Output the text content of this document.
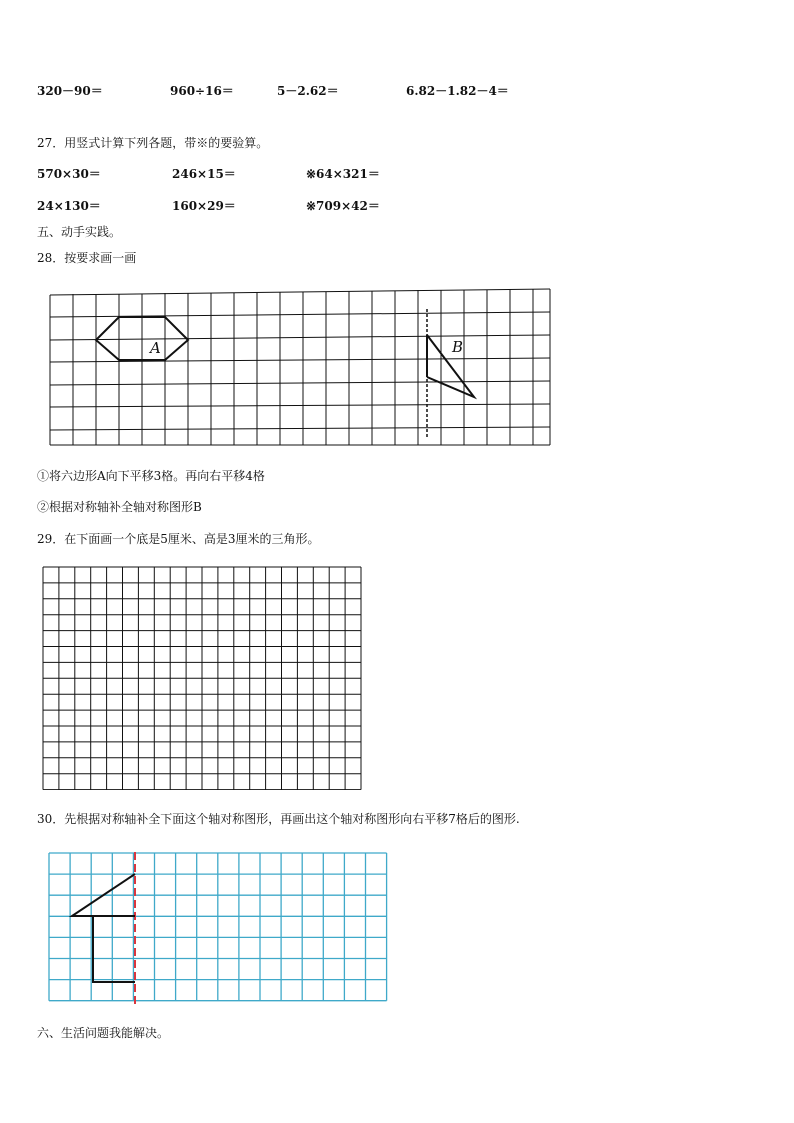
320－90＝	960÷16＝	5－2.62＝	6.82－1.82－4＝
27．用竖式计算下列各题，带※的要验算。
570×30＝	246×15＝	※64×321＝
24×130＝	160×29＝	※709×42＝
五、动手实践。
28．按要求画一画
A	B
①将六边形A向下平移3格。再向右平移4格
②根据对称轴补全轴对称图形B
29．在下面画一个底是5厘米、高是3厘米的三角形。
30．先根据对称轴补全下面这个轴对称图形，再画出这个轴对称图形向右平移7格后的图形.
六、生活问题我能解决。
